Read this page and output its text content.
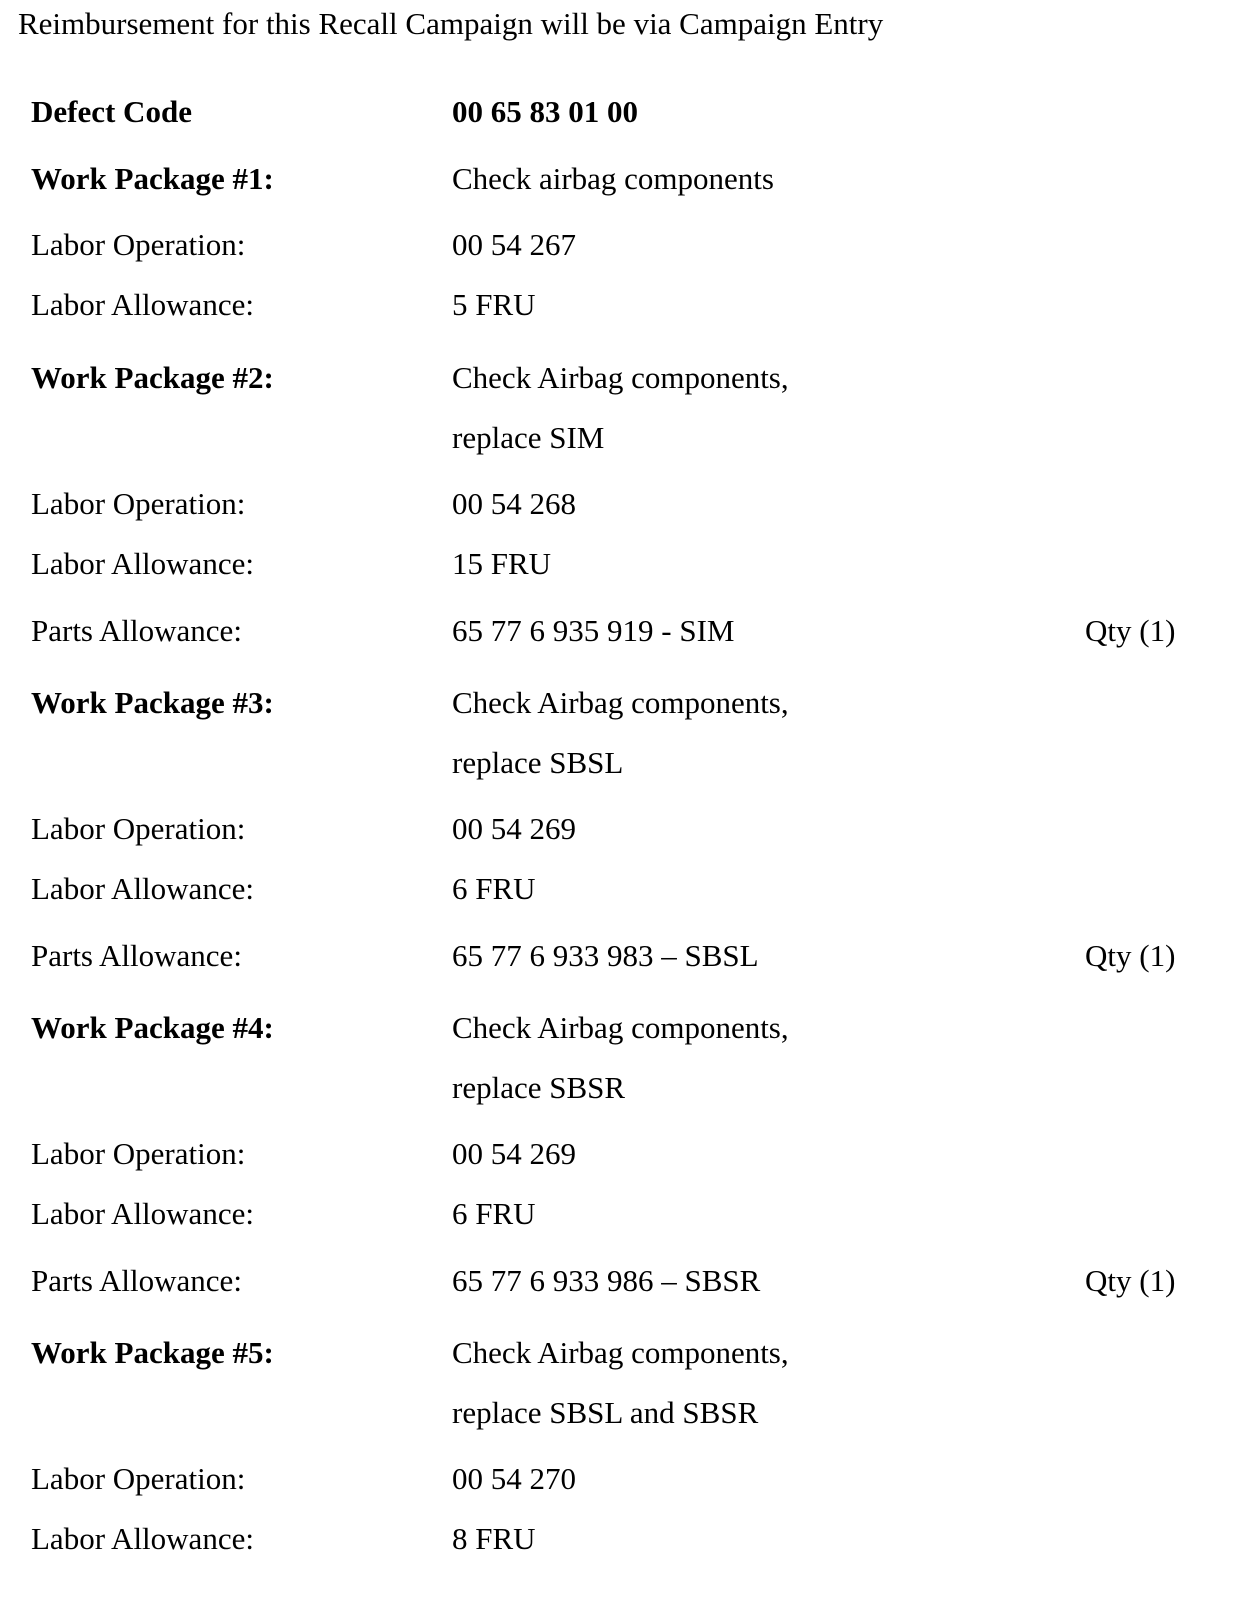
Reimbursement for this Recall Campaign will be via Campaign Entry
Defect Code	00 65 83 01 00
Work Package #1:	Check airbag components
Labor Operation:	00 54 267
Labor Allowance:	5 FRU
Work Package #2:	Check Airbag components,
replace SIM
Labor Operation:	00 54 268
Labor Allowance:	15 FRU
Parts Allowance:	65 77 6 935 919 - SIM	Qty (1)
Work Package #3:	Check Airbag components,
replace SBSL
Labor Operation:	00 54 269
Labor Allowance:	6 FRU
Parts Allowance:	65 77 6 933 983 – SBSL	Qty (1)
Work Package #4:	Check Airbag components,
replace SBSR
Labor Operation:	00 54 269
Labor Allowance:	6 FRU
Parts Allowance:	65 77 6 933 986 – SBSR	Qty (1)
Work Package #5:	Check Airbag components,
replace SBSL and SBSR
Labor Operation:	00 54 270
Labor Allowance:	8 FRU
